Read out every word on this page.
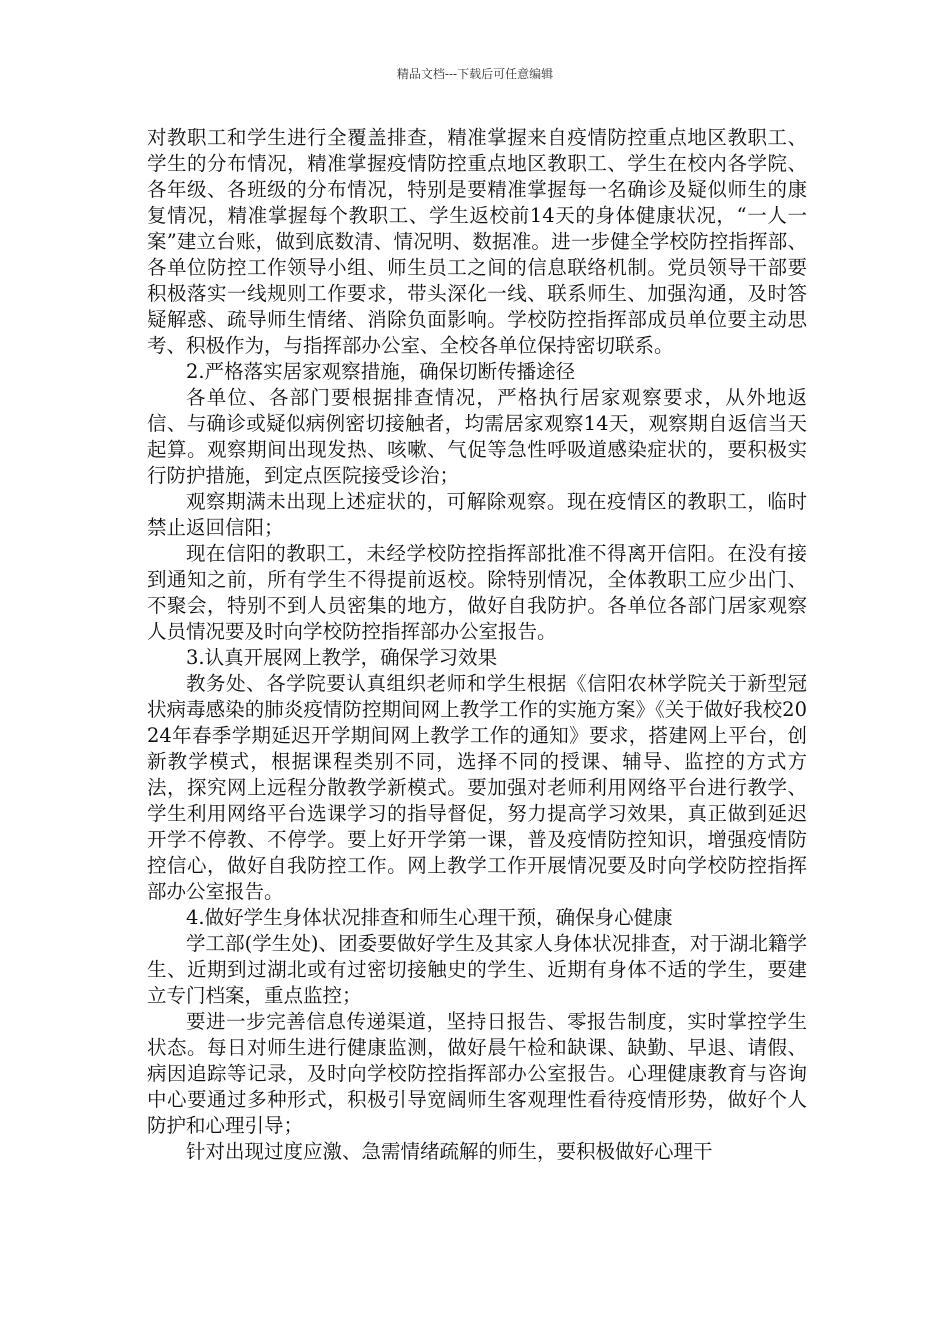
精品文档---下载后可任意编辑

对教职工和学生进行全覆盖排查，精准掌握来自疫情防控重点地区教职工、学生的分布情况，精准掌握疫情防控重点地区教职工、学生在校内各学院、各年级、各班级的分布情况，特别是要精准掌握每一名确诊及疑似师生的康复情况，精准掌握每个教职工、学生返校前14天的身体健康状况，“一人一案”建立台账，做到底数清、情况明、数据准。进一步健全学校防控指挥部、各单位防控工作领导小组、师生员工之间的信息联络机制。党员领导干部要积极落实一线规则工作要求，带头深化一线、联系师生、加强沟通，及时答疑解惑、疏导师生情绪、消除负面影响。学校防控指挥部成员单位要主动思考、积极作为，与指挥部办公室、全校各单位保持密切联系。

2.严格落实居家观察措施，确保切断传播途径

各单位、各部门要根据排查情况，严格执行居家观察要求，从外地返信、与确诊或疑似病例密切接触者，均需居家观察14天，观察期自返信当天起算。观察期间出现发热、咳嗽、气促等急性呼吸道感染症状的，要积极实行防护措施，到定点医院接受诊治；

观察期满未出现上述症状的，可解除观察。现在疫情区的教职工，临时禁止返回信阳；

现在信阳的教职工，未经学校防控指挥部批准不得离开信阳。在没有接到通知之前，所有学生不得提前返校。除特别情况，全体教职工应少出门、不聚会，特别不到人员密集的地方，做好自我防护。各单位各部门居家观察人员情况要及时向学校防控指挥部办公室报告。

3.认真开展网上教学，确保学习效果

教务处、各学院要认真组织老师和学生根据《信阳农林学院关于新型冠状病毒感染的肺炎疫情防控期间网上教学工作的实施方案》《关于做好我校2024年春季学期延迟开学期间网上教学工作的通知》要求，搭建网上平台，创新教学模式，根据课程类别不同，选择不同的授课、辅导、监控的方式方法，探究网上远程分散教学新模式。要加强对老师利用网络平台进行教学、学生利用网络平台选课学习的指导督促，努力提高学习效果，真正做到延迟开学不停教、不停学。要上好开学第一课，普及疫情防控知识，增强疫情防控信心，做好自我防控工作。网上教学工作开展情况要及时向学校防控指挥部办公室报告。

4.做好学生身体状况排查和师生心理干预，确保身心健康

学工部(学生处)、团委要做好学生及其家人身体状况排查，对于湖北籍学生、近期到过湖北或有过密切接触史的学生、近期有身体不适的学生，要建立专门档案，重点监控；

要进一步完善信息传递渠道，坚持日报告、零报告制度，实时掌控学生状态。每日对师生进行健康监测，做好晨午检和缺课、缺勤、早退、请假、病因追踪等记录，及时向学校防控指挥部办公室报告。心理健康教育与咨询中心要通过多种形式，积极引导宽阔师生客观理性看待疫情形势，做好个人防护和心理引导；

针对出现过度应激、急需情绪疏解的师生，要积极做好心理干
